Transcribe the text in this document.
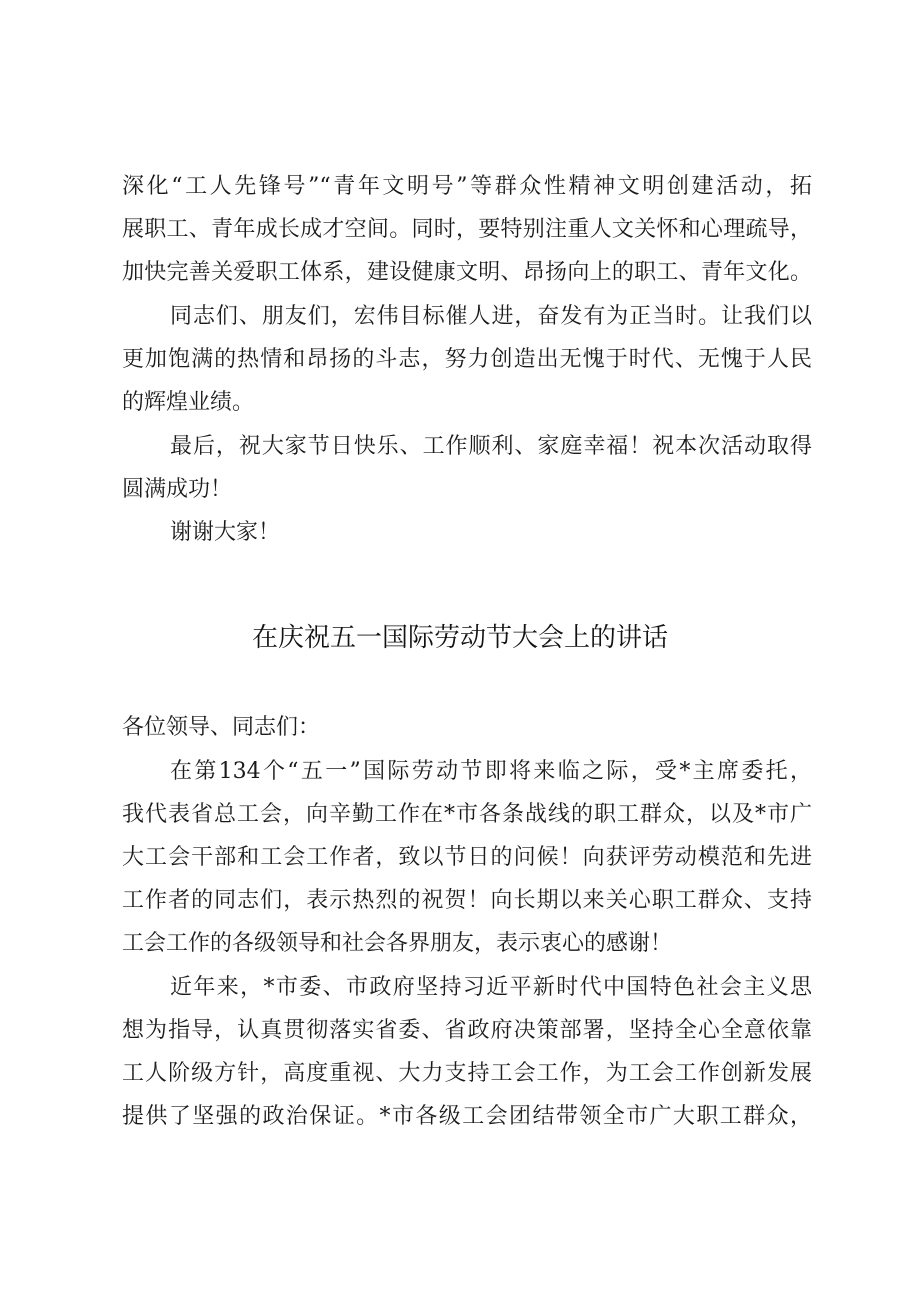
深化“工人先锋号”“青年文明号”等群众性精神文明创建活动，拓
展职工、青年成长成才空间。同时，要特别注重人文关怀和心理疏导，
加快完善关爱职工体系，建设健康文明、昂扬向上的职工、青年文化。
同志们、朋友们，宏伟目标催人进，奋发有为正当时。让我们以
更加饱满的热情和昂扬的斗志，努力创造出无愧于时代、无愧于人民
的辉煌业绩。
最后，祝大家节日快乐、工作顺利、家庭幸福！祝本次活动取得
圆满成功！
谢谢大家！
在庆祝五一国际劳动节大会上的讲话
各位领导、同志们：
在第134个“五一”国际劳动节即将来临之际，受*主席委托，
我代表省总工会，向辛勤工作在*市各条战线的职工群众，以及*市广
大工会干部和工会工作者，致以节日的问候！向获评劳动模范和先进
工作者的同志们，表示热烈的祝贺！向长期以来关心职工群众、支持
工会工作的各级领导和社会各界朋友，表示衷心的感谢！
近年来，*市委、市政府坚持习近平新时代中国特色社会主义思
想为指导，认真贯彻落实省委、省政府决策部署，坚持全心全意依靠
工人阶级方针，高度重视、大力支持工会工作，为工会工作创新发展
提供了坚强的政治保证。*市各级工会团结带领全市广大职工群众，
